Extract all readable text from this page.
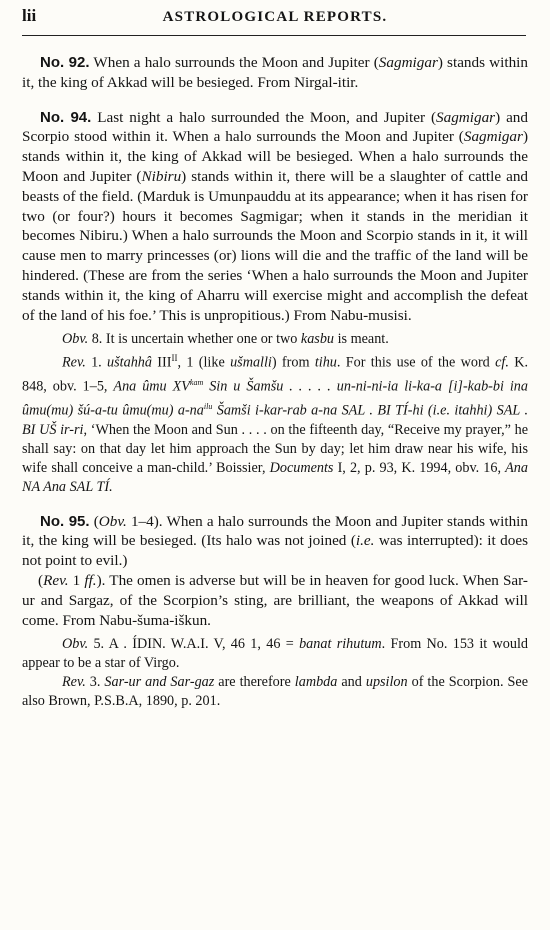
lii	ASTROLOGICAL REPORTS.

No. 92. When a halo surrounds the Moon and Jupiter (Sagmigar) stands within it, the king of Akkad will be besieged. From Nirgal-itir.

No. 94. Last night a halo surrounded the Moon, and Jupiter (Sagmigar) and Scorpio stood within it. When a halo surrounds the Moon and Jupiter (Sagmigar) stands within it, the king of Akkad will be besieged. When a halo surrounds the Moon and Jupiter (Nibiru) stands within it, there will be a slaughter of cattle and beasts of the field. (Marduk is Umunpauddu at its appearance; when it has risen for two (or four?) hours it becomes Sagmigar; when it stands in the meridian it becomes Nibiru.) When a halo surrounds the Moon and Scorpio stands in it, it will cause men to marry princesses (or) lions will die and the traffic of the land will be hindered. (These are from the series ‘When a halo surrounds the Moon and Jupiter stands within it, the king of Aharru will exercise might and accomplish the defeat of the land of his foe.’ This is unpropitious.) From Nabu-musisi.

Obv. 8. It is uncertain whether one or two kasbu is meant.

Rev. 1. uštahhâ $III^{II}$, 1 (like ušmalli) from tihu. For this use of the word cf. K. 848, obv. 1–5, Ana ûmu $XV^{kam}$ Sin u Šamšu . . . . . un-ni-ni-ia li-ka-a [i]-kab-bi ina ûmu(mu) šú-a-tu ûmu(mu) $a-na^{ilu}$ Šamši i-kar-rab a-na SAL . BI TÍ-hi (i.e. itahhi) SAL . BI UŠ ir-ri, ‘When the Moon and Sun . . . . on the fifteenth day, “Receive my prayer,” he shall say: on that day let him approach the Sun by day; let him draw near his wife, his wife shall conceive a man-child.’ Boissier, Documents I, 2, p. 93, K. 1994, obv. 16, Ana NA Ana SAL TÍ.

No. 95. (Obv. 1–4). When a halo surrounds the Moon and Jupiter stands within it, the king will be besieged. (Its halo was not joined (i.e. was interrupted): it does not point to evil.)

(Rev. 1 ff.). The omen is adverse but will be in heaven for good luck. When Sar-ur and Sargaz, of the Scorpion’s sting, are brilliant, the weapons of Akkad will come. From Nabu-šuma-iškun.

Obv. 5. A . ÍDIN. W.A.I. V, 46 1, 46 = banat rihutum. From No. 153 it would appear to be a star of Virgo.

Rev. 3. Sar-ur and Sar-gaz are therefore lambda and upsilon of the Scorpion. See also Brown, P.S.B.A, 1890, p. 201.
